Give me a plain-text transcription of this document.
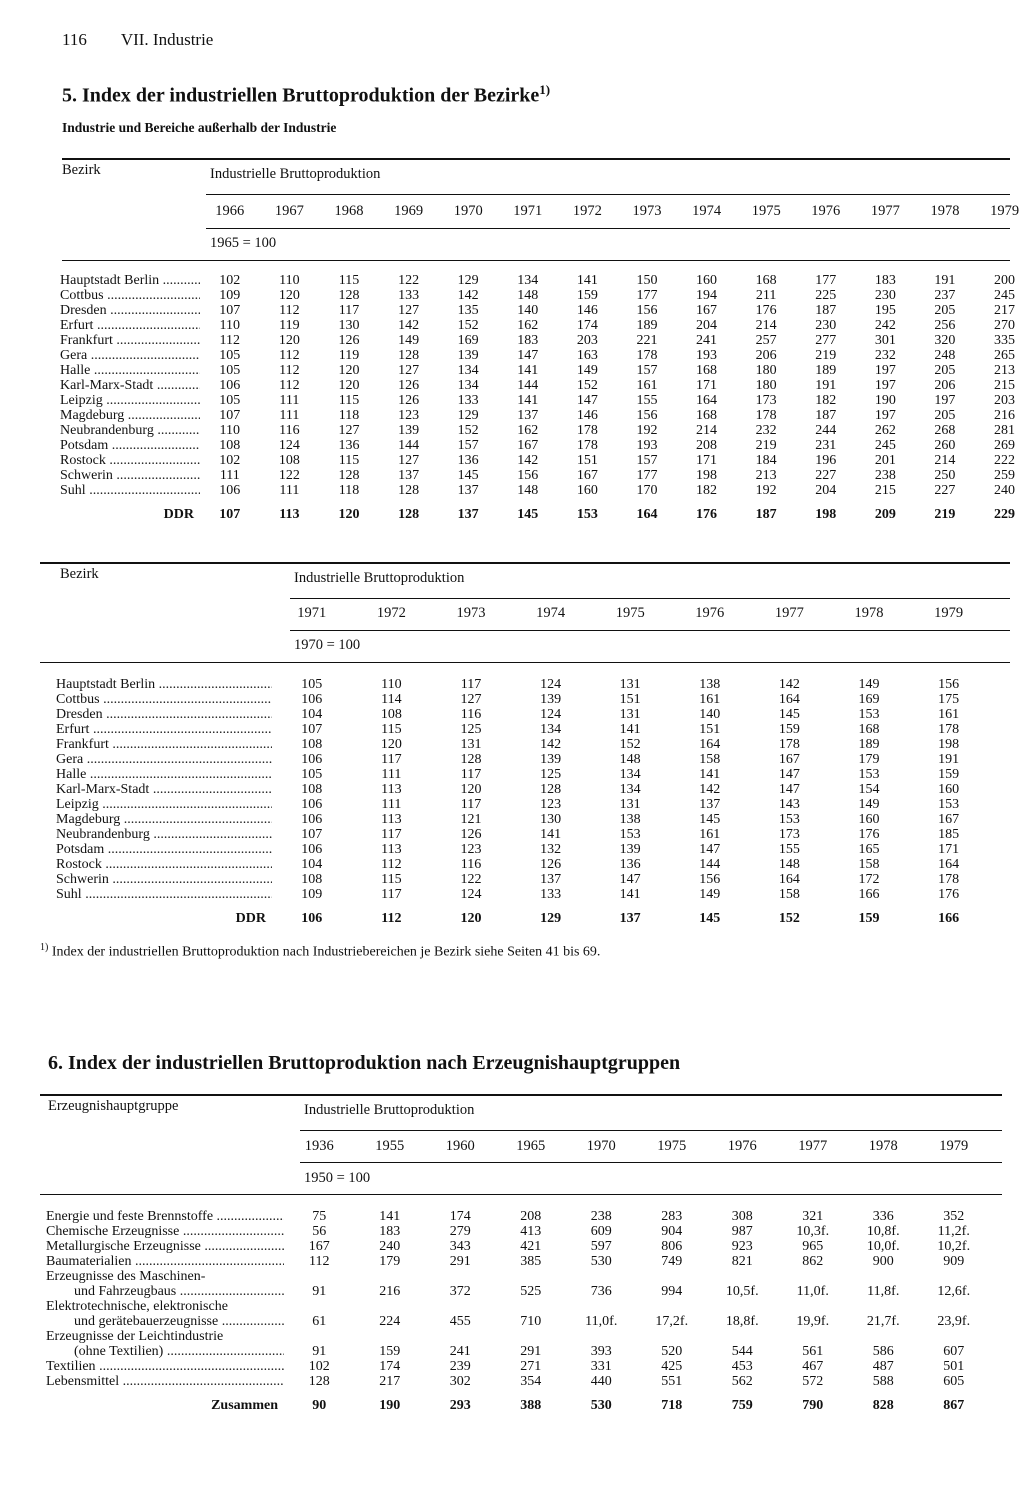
116 VII. Industrie
5. Index der industriellen Bruttoproduktion der Bezirke$^{1)}$
Industrie und Bereiche außerhalb der Industrie
Bezirk	Industrielle Bruttoproduktion
1966	1967	1968	1969	1970	1971	1972	1973	1974	1975	1976	1977	1978	1979
1965 = 100
Hauptstadt Berlin .....	102	110	115	122	129	134	141	150	160	168	177	183	191	200

Cottbus .....	109	120	128	133	142	148	159	177	194	211	225	230	237	245

Dresden .....	107	112	117	127	135	140	146	156	167	176	187	195	205	217

Erfurt .....	110	119	130	142	152	162	174	189	204	214	230	242	256	270

Frankfurt .....	112	120	126	149	169	183	203	221	241	257	277	301	320	335

Gera .....	105	112	119	128	139	147	163	178	193	206	219	232	248	265

Halle .....	105	112	120	127	134	141	149	157	168	180	189	197	205	213

Karl-Marx-Stadt .....	106	112	120	126	134	144	152	161	171	180	191	197	206	215

Leipzig .....	105	111	115	126	133	141	147	155	164	173	182	190	197	203

Magdeburg .....	107	111	118	123	129	137	146	156	168	178	187	197	205	216

Neubrandenburg .....	110	116	127	139	152	162	178	192	214	232	244	262	268	281

Potsdam .....	108	124	136	144	157	167	178	193	208	219	231	245	260	269

Rostock .....	102	108	115	127	136	142	151	157	171	184	196	201	214	222

Schwerin .....	111	122	128	137	145	156	167	177	198	213	227	238	250	259

Suhl .....	106	111	118	128	137	148	160	170	182	192	204	215	227	240
DDR	107	113	120	128	137	145	153	164	176	187	198	209	219	229
Bezirk	Industrielle Bruttoproduktion
1971	1972	1973	1974	1975	1976	1977	1978	1979
1970 = 100
Hauptstadt Berlin .....	105	110	117	124	131	138	142	149	156

Cottbus .....	106	114	127	139	151	161	164	169	175

Dresden .....	104	108	116	124	131	140	145	153	161

Erfurt .....	107	115	125	134	141	151	159	168	178

Frankfurt .....	108	120	131	142	152	164	178	189	198

Gera .....	106	117	128	139	148	158	167	179	191

Halle .....	105	111	117	125	134	141	147	153	159

Karl-Marx-Stadt .....	108	113	120	128	134	142	147	154	160

Leipzig .....	106	111	117	123	131	137	143	149	153

Magdeburg .....	106	113	121	130	138	145	153	160	167

Neubrandenburg .....	107	117	126	141	153	161	173	176	185

Potsdam .....	106	113	123	132	139	147	155	165	171

Rostock .....	104	112	116	126	136	144	148	158	164

Schwerin .....	108	115	122	137	147	156	164	172	178

Suhl .....	109	117	124	133	141	149	158	166	176
DDR	106	112	120	129	137	145	152	159	166
$^{1)}$ Index der industriellen Bruttoproduktion nach Industriebereichen je Bezirk siehe Seiten 41 bis 69.
6. Index der industriellen Bruttoproduktion nach Erzeugnishauptgruppen
Erzeugnishauptgruppe	Industrielle Bruttoproduktion
1936	1955	1960	1965	1970	1975	1976	1977	1978	1979
1950 = 100
Energie und feste Brennstoffe .....	75	141	174	208	238	283	308	321	336	352

Chemische Erzeugnisse .....	56	183	279	413	609	904	987	10,3f.	10,8f.	11,2f.

Metallurgische Erzeugnisse .....	167	240	343	421	597	806	923	965	10,0f.	10,2f.

Baumaterialien .....	112	179	291	385	530	749	821	862	900	909

Erzeugnisse des Maschinen-										

und Fahrzeugbaus .....	91	216	372	525	736	994	10,5f.	11,0f.	11,8f.	12,6f.

Elektrotechnische, elektronische										

und gerätebauerzeugnisse .....	61	224	455	710	11,0f.	17,2f.	18,8f.	19,9f.	21,7f.	23,9f.

Erzeugnisse der Leichtindustrie										

(ohne Textilien) .....	91	159	241	291	393	520	544	561	586	607

Textilien .....	102	174	239	271	331	425	453	467	487	501

Lebensmittel .....	128	217	302	354	440	551	562	572	588	605
Zusammen	90	190	293	388	530	718	759	790	828	867
